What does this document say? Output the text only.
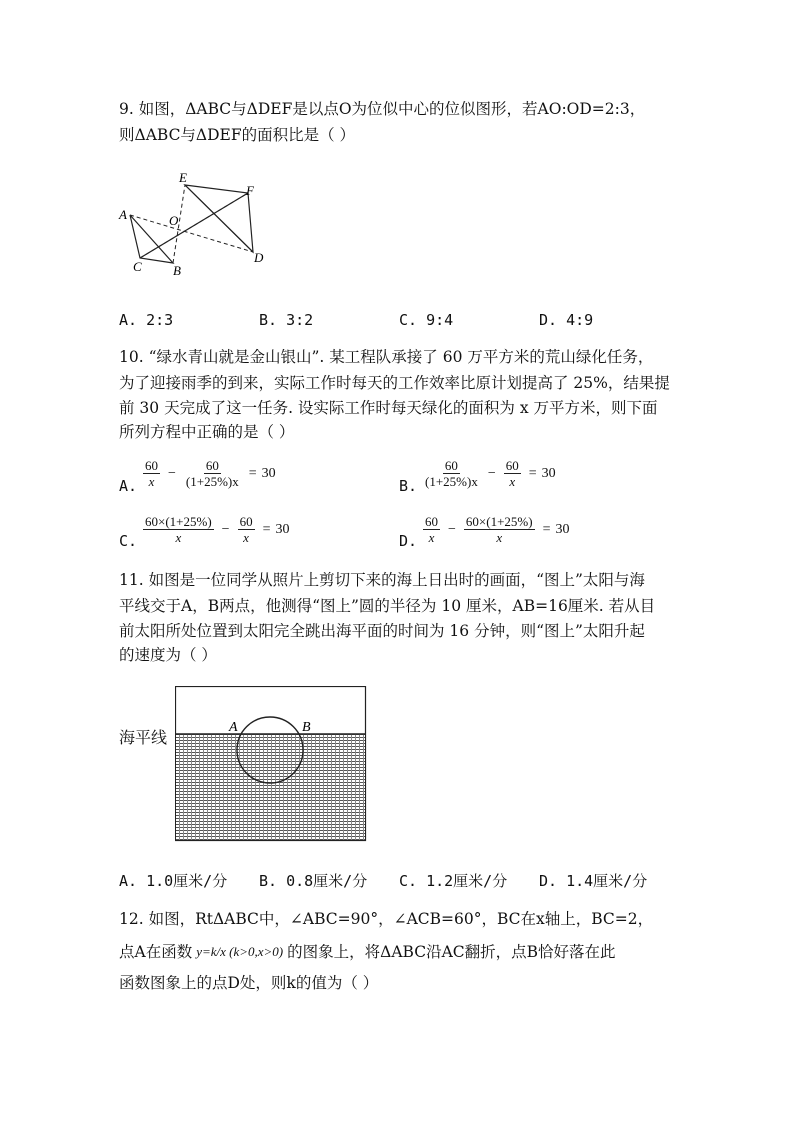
9. 如图，ΔABC与ΔDEF是以点O为位似中心的位似图形，若AO:OD=2:3，
则ΔABC与ΔDEF的面积比是（ ）
A
C B
O
E
F
D
A. 2:3	B. 3:2	C. 9:4	D. 4:9
10. “绿水青山就是金山银山”. 某工程队承接了 60 万平方米的荒山绿化任务，
为了迎接雨季的到来，实际工作时每天的工作效率比原计划提高了 25%，结果提
前 30 天完成了这一任务. 设实际工作时每天绿化的面积为 x 万平方米，则下面
所列方程中正确的是（ ）
A. $\frac{60}{x} - \frac{60}{(1+25\%)x} = 30$
B. $\frac{60}{(1+25\%)x} - \frac{60}{x} = 30$
C. $\frac{60\times(1+25\%)}{x} - \frac{60}{x} = 30$
D. $\frac{60}{x} - \frac{60\times(1+25\%)}{x} = 30$
11. 如图是一位同学从照片上剪切下来的海上日出时的画面，“图上”太阳与海
平线交于A，B两点，他测得“图上”圆的半径为 10 厘米，AB=16厘米. 若从目
前太阳所处位置到太阳完全跳出海平面的时间为 16 分钟，则“图上”太阳升起
的速度为（ ）
海平线
A	B
A. 1.0厘米/分 B. 0.8厘米/分 C. 1.2厘米/分 D. 1.4厘米/分
12. 如图，RtΔABC中，∠ABC=90°，∠ACB=60°，BC在x轴上，BC=2，
点A在函数 y=k/x (k>0,x>0) 的图象上，将ΔABC沿AC翻折，点B恰好落在此
函数图象上的点D处，则k的值为（ ）
